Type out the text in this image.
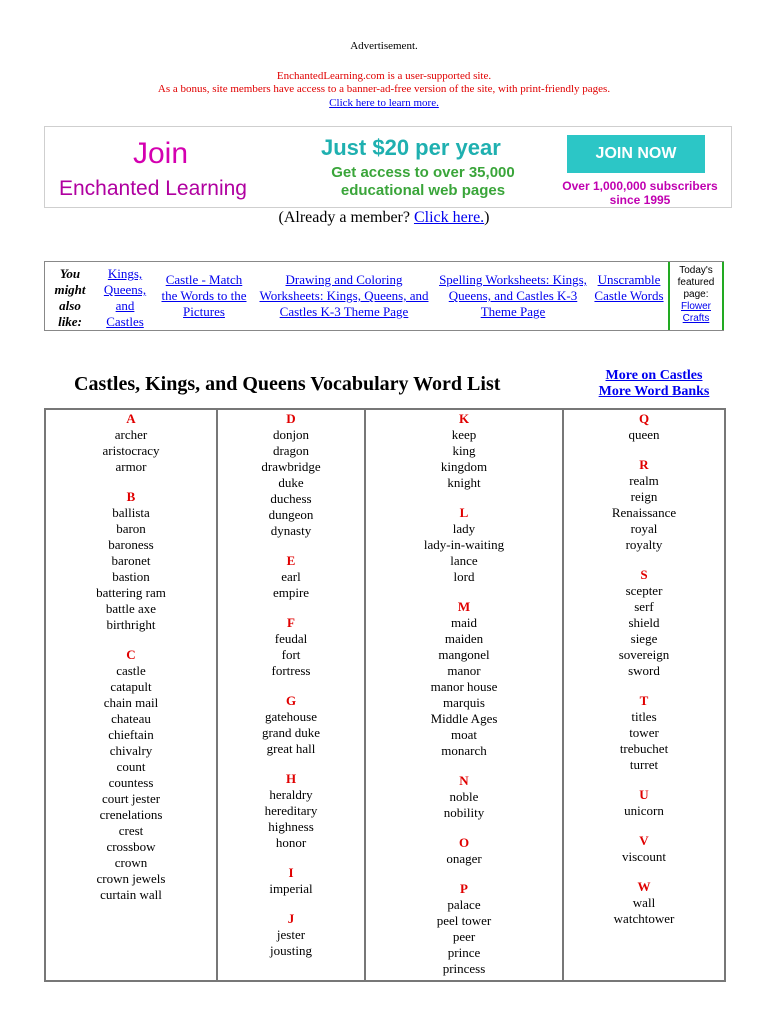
Advertisement.
EnchantedLearning.com is a user-supported site.
As a bonus, site members have access to a banner-ad-free version of the site, with print-friendly pages.
Click here to learn more.
Join
Enchanted Learning
Just $20 per year
Get access to over 35,000
educational web pages
JOIN NOW
Over 1,000,000 subscribers
since 1995
(Already a member? Click here.)
You might also like:
Kings, Queens, and Castles
Castle - Match the Words to the Pictures
Drawing and Coloring Worksheets: Kings, Queens, and Castles K-3 Theme Page
Spelling Worksheets: Kings, Queens, and Castles K-3 Theme Page
Unscramble Castle Words
Today's featured page:
Flower Crafts
Castles, Kings, and Queens Vocabulary Word List	More on Castles
More Word Banks
A
archer
aristocracy
armor
B
ballista
baron
baroness
baronet
bastion
battering ram
battle axe
birthright
C
castle
catapult
chain mail
chateau
chieftain
chivalry
count
countess
court jester
crenelations
crest
crossbow
crown
crown jewels
curtain wall
D
donjon
dragon
drawbridge
duke
duchess
dungeon
dynasty
E
earl
empire
F
feudal
fort
fortress
G
gatehouse
grand duke
great hall
H
heraldry
hereditary
highness
honor
I
imperial
J
jester
jousting
K
keep
king
kingdom
knight
L
lady
lady-in-waiting
lance
lord
M
maid
maiden
mangonel
manor
manor house
marquis
Middle Ages
moat
monarch
N
noble
nobility
O
onager
P
palace
peel tower
peer
prince
princess
Q
queen
R
realm
reign
Renaissance
royal
royalty
S
scepter
serf
shield
siege
sovereign
sword
T
titles
tower
trebuchet
turret
U
unicorn
V
viscount
W
wall
watchtower
